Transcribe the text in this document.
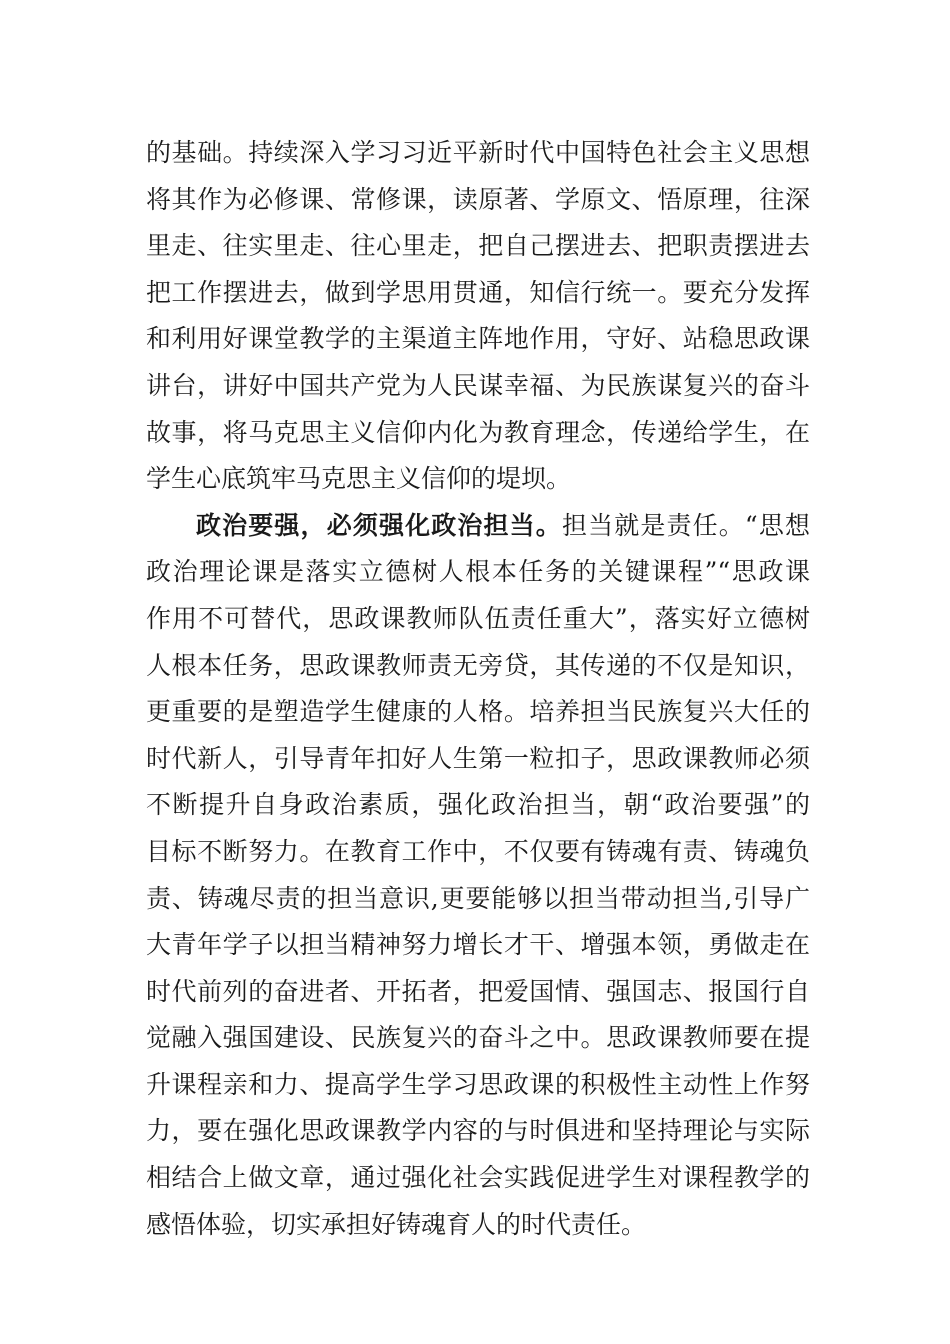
的基础。持续深入学习习近平新时代中国特色社会主义思想
将其作为必修课、常修课，读原著、学原文、悟原理，往深
里走、往实里走、往心里走，把自己摆进去、把职责摆进去
把工作摆进去，做到学思用贯通，知信行统一。要充分发挥
和利用好课堂教学的主渠道主阵地作用，守好、站稳思政课
讲台，讲好中国共产党为人民谋幸福、为民族谋复兴的奋斗
故事，将马克思主义信仰内化为教育理念，传递给学生，在
学生心底筑牢马克思主义信仰的堤坝。
政治要强，必须强化政治担当。担当就是责任。“思想
政治理论课是落实立德树人根本任务的关键课程”“思政课
作用不可替代，思政课教师队伍责任重大”，落实好立德树
人根本任务，思政课教师责无旁贷，其传递的不仅是知识，
更重要的是塑造学生健康的人格。培养担当民族复兴大任的
时代新人，引导青年扣好人生第一粒扣子，思政课教师必须
不断提升自身政治素质，强化政治担当，朝“政治要强”的
目标不断努力。在教育工作中，不仅要有铸魂有责、铸魂负
责、铸魂尽责的担当意识,更要能够以担当带动担当,引导广
大青年学子以担当精神努力增长才干、增强本领，勇做走在
时代前列的奋进者、开拓者，把爱国情、强国志、报国行自
觉融入强国建设、民族复兴的奋斗之中。思政课教师要在提
升课程亲和力、提高学生学习思政课的积极性主动性上作努
力，要在强化思政课教学内容的与时俱进和坚持理论与实际
相结合上做文章，通过强化社会实践促进学生对课程教学的
感悟体验，切实承担好铸魂育人的时代责任。
